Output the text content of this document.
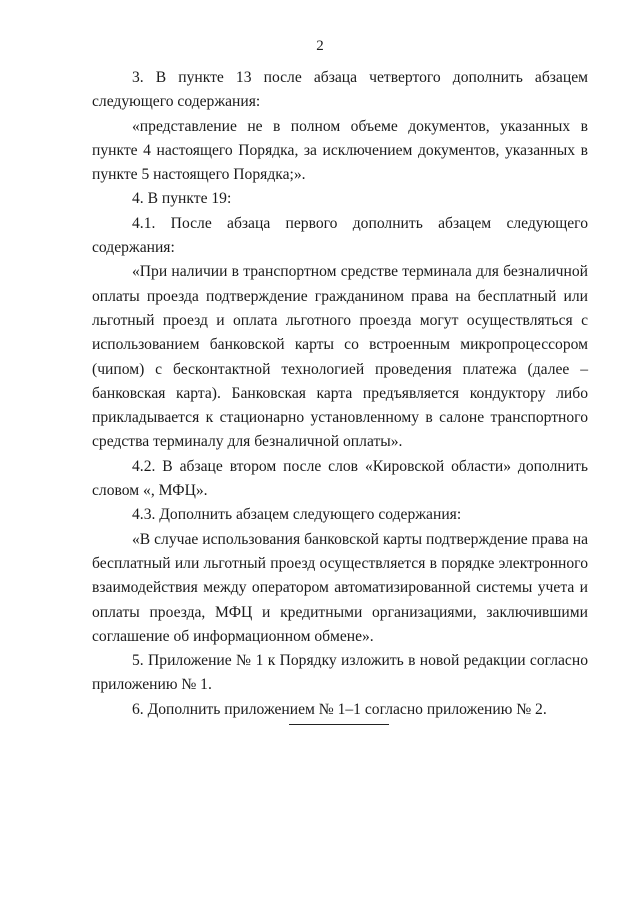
2

3. В пункте 13 после абзаца четвертого дополнить абзацем следующего содержания:

«представление не в полном объеме документов, указанных в пункте 4 настоящего Порядка, за исключением документов, указанных в пункте 5 настоящего Порядка;».

4. В пункте 19:

4.1. После абзаца первого дополнить абзацем следующего содержания:

«При наличии в транспортном средстве терминала для безналичной оплаты проезда подтверждение гражданином права на бесплатный или льготный проезд и оплата льготного проезда могут осуществляться с использованием банковской карты со встроенным микропроцессором (чипом) с бесконтактной технологией проведения платежа (далее – банковская карта). Банковская карта предъявляется кондуктору либо прикладывается к стационарно установленному в салоне транспортного средства терминалу для безналичной оплаты».

4.2. В абзаце втором после слов «Кировской области» дополнить словом «, МФЦ».

4.3. Дополнить абзацем следующего содержания:

«В случае использования банковской карты подтверждение права на бесплатный или льготный проезд осуществляется в порядке электронного взаимодействия между оператором автоматизированной системы учета и оплаты проезда, МФЦ и кредитными организациями, заключившими соглашение об информационном обмене».

5. Приложение № 1 к Порядку изложить в новой редакции согласно приложению № 1.

6. Дополнить приложением № 1–1 согласно приложению № 2.
